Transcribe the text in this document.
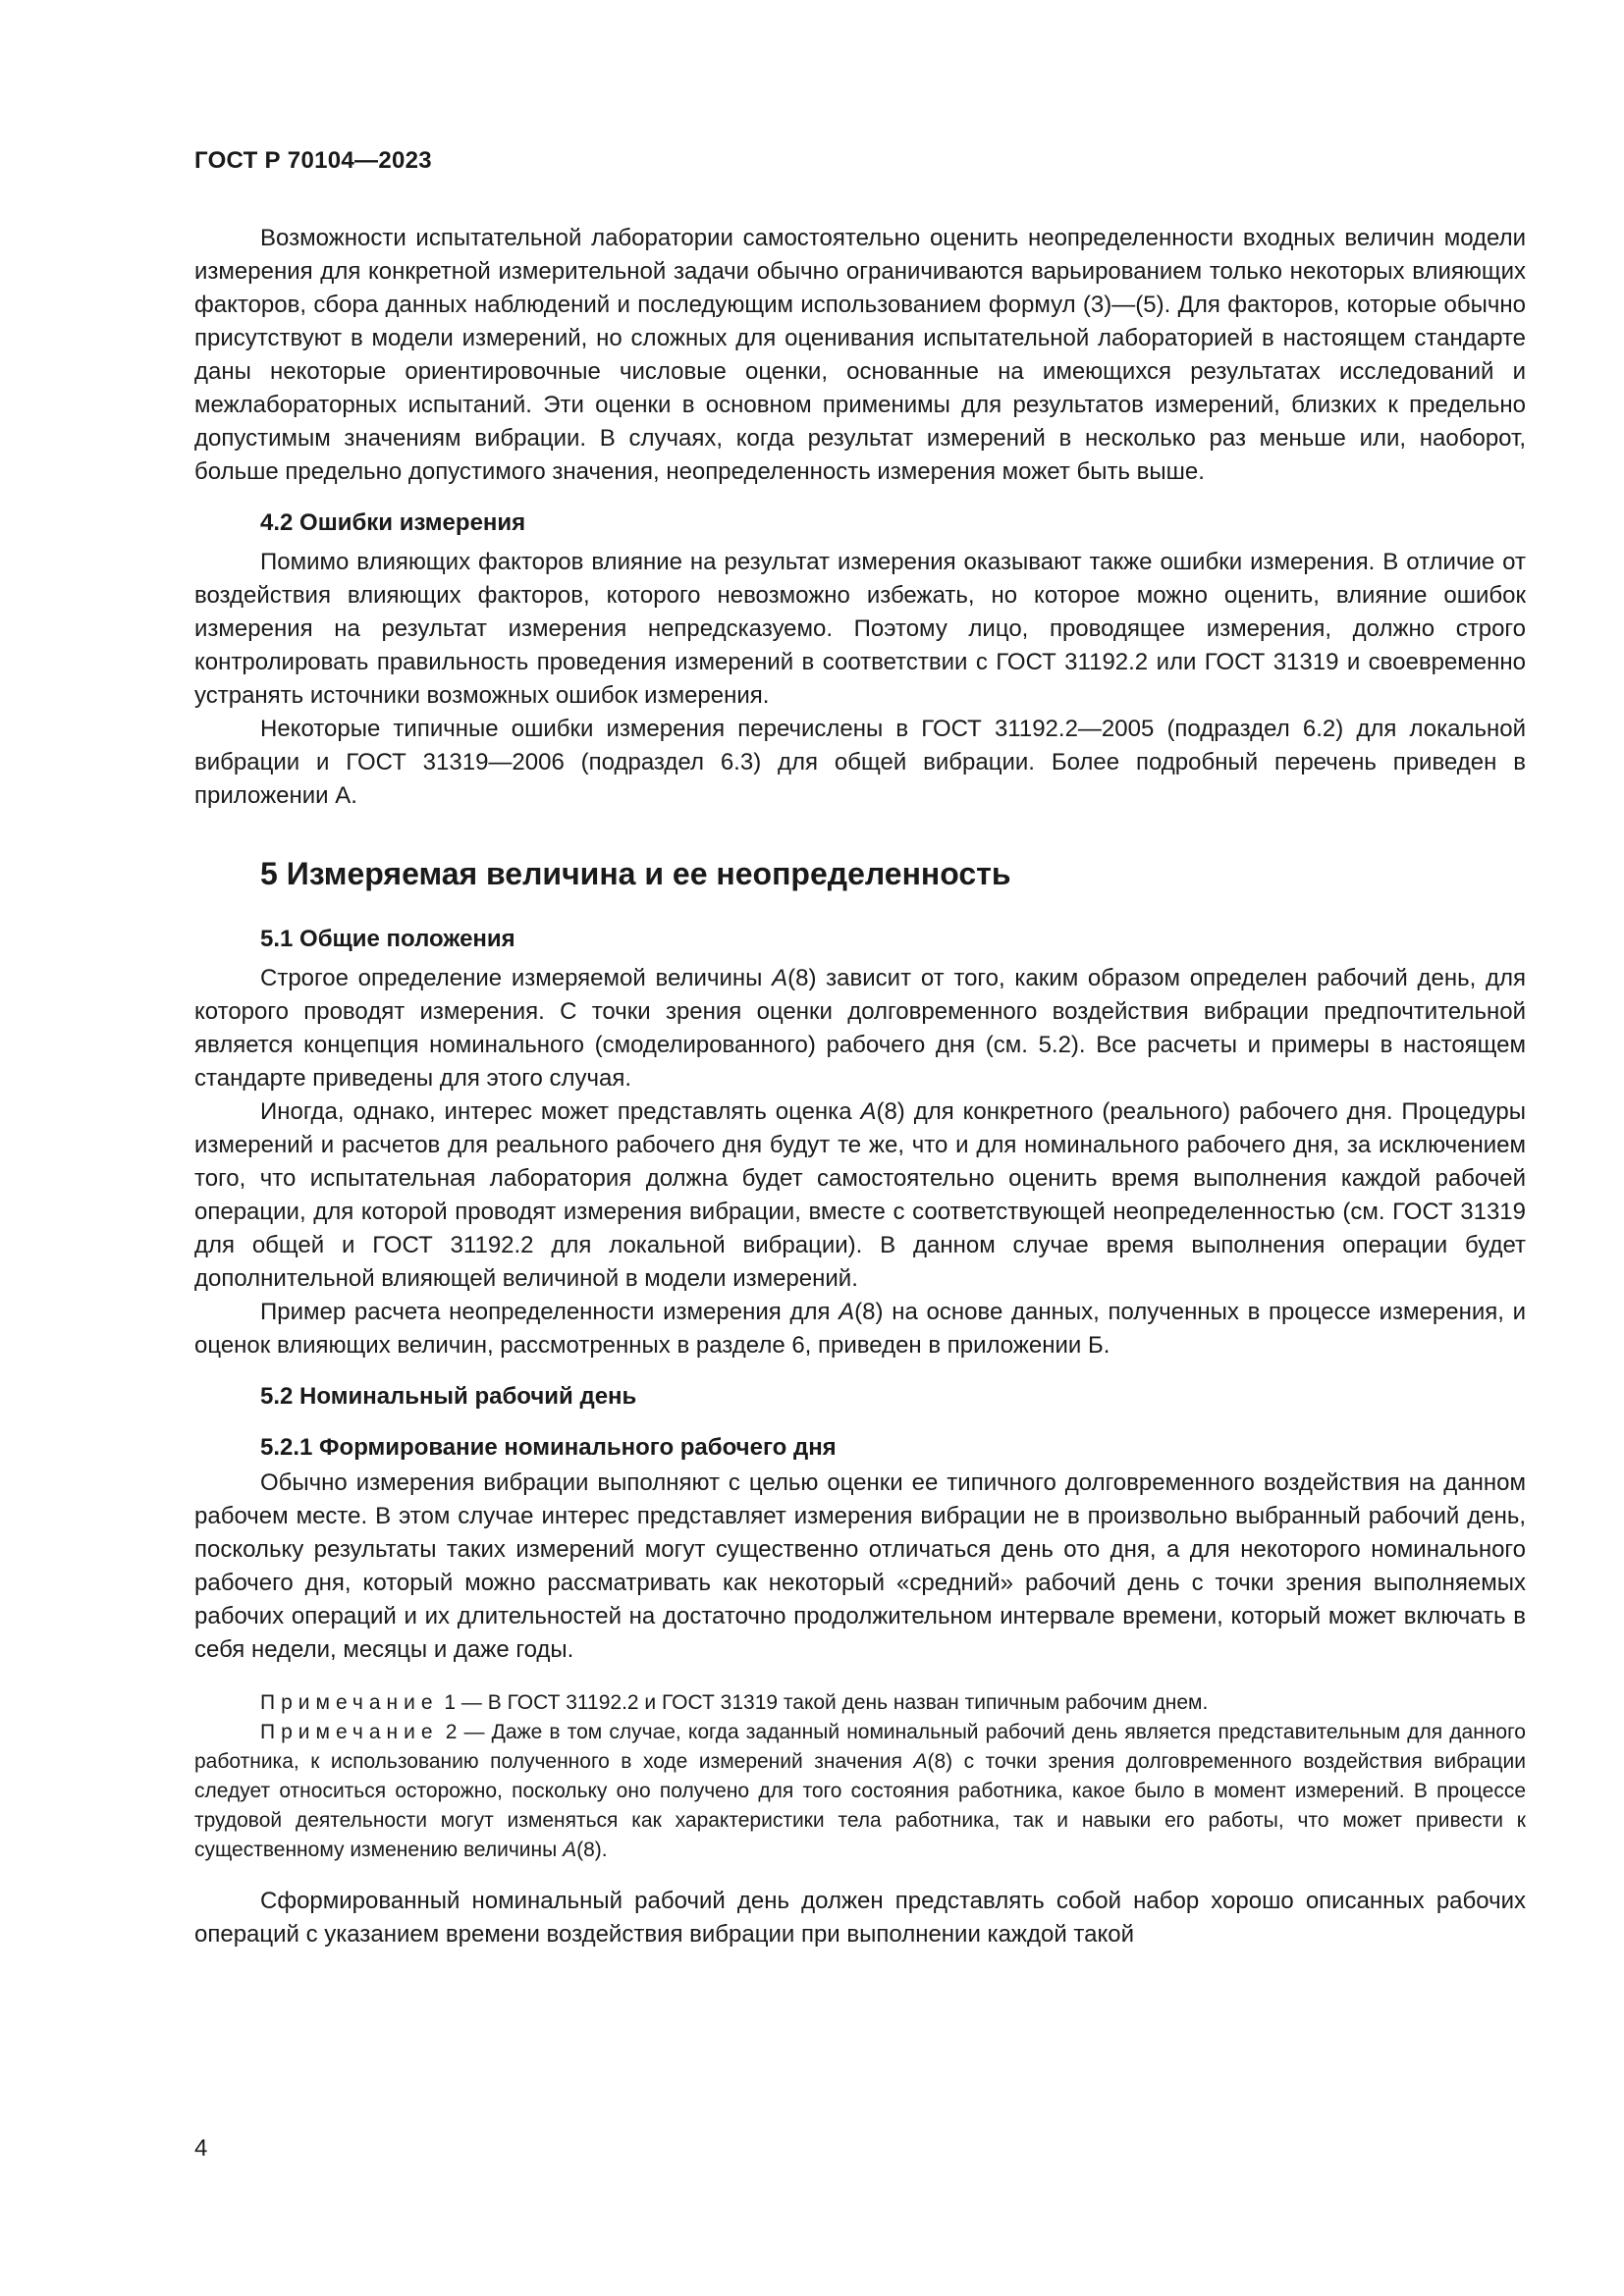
ГОСТ Р 70104—2023

Возможности испытательной лаборатории самостоятельно оценить неопределенности входных величин модели измерения для конкретной измерительной задачи обычно ограничиваются варьированием только некоторых влияющих факторов, сбора данных наблюдений и последующим использованием формул (3)—(5). Для факторов, которые обычно присутствуют в модели измерений, но сложных для оценивания испытательной лабораторией в настоящем стандарте даны некоторые ориентировочные числовые оценки, основанные на имеющихся результатах исследований и межлабораторных испытаний. Эти оценки в основном применимы для результатов измерений, близких к предельно допустимым значениям вибрации. В случаях, когда результат измерений в несколько раз меньше или, наоборот, больше предельно допустимого значения, неопределенность измерения может быть выше.

4.2 Ошибки измерения

Помимо влияющих факторов влияние на результат измерения оказывают также ошибки измерения. В отличие от воздействия влияющих факторов, которого невозможно избежать, но которое можно оценить, влияние ошибок измерения на результат измерения непредсказуемо. Поэтому лицо, проводящее измерения, должно строго контролировать правильность проведения измерений в соответствии с ГОСТ 31192.2 или ГОСТ 31319 и своевременно устранять источники возможных ошибок измерения.

Некоторые типичные ошибки измерения перечислены в ГОСТ 31192.2—2005 (подраздел 6.2) для локальной вибрации и ГОСТ 31319—2006 (подраздел 6.3) для общей вибрации. Более подробный перечень приведен в приложении А.

5 Измеряемая величина и ее неопределенность
5.1 Общие положения

Строгое определение измеряемой величины A(8) зависит от того, каким образом определен рабочий день, для которого проводят измерения. С точки зрения оценки долговременного воздействия вибрации предпочтительной является концепция номинального (смоделированного) рабочего дня (см. 5.2). Все расчеты и примеры в настоящем стандарте приведены для этого случая.

Иногда, однако, интерес может представлять оценка A(8) для конкретного (реального) рабочего дня. Процедуры измерений и расчетов для реального рабочего дня будут те же, что и для номинального рабочего дня, за исключением того, что испытательная лаборатория должна будет самостоятельно оценить время выполнения каждой рабочей операции, для которой проводят измерения вибрации, вместе с соответствующей неопределенностью (см. ГОСТ 31319 для общей и ГОСТ 31192.2 для локальной вибрации). В данном случае время выполнения операции будет дополнительной влияющей величиной в модели измерений.

Пример расчета неопределенности измерения для A(8) на основе данных, полученных в процессе измерения, и оценок влияющих величин, рассмотренных в разделе 6, приведен в приложении Б.

5.2 Номинальный рабочий день
5.2.1 Формирование номинального рабочего дня

Обычно измерения вибрации выполняют с целью оценки ее типичного долговременного воздействия на данном рабочем месте. В этом случае интерес представляет измерения вибрации не в произвольно выбранный рабочий день, поскольку результаты таких измерений могут существенно отличаться день ото дня, а для некоторого номинального рабочего дня, который можно рассматривать как некоторый «средний» рабочий день с точки зрения выполняемых рабочих операций и их длительностей на достаточно продолжительном интервале времени, который может включать в себя недели, месяцы и даже годы.

Примечание 1 — В ГОСТ 31192.2 и ГОСТ 31319 такой день назван типичным рабочим днем.

Примечание 2 — Даже в том случае, когда заданный номинальный рабочий день является представительным для данного работника, к использованию полученного в ходе измерений значения A(8) с точки зрения долговременного воздействия вибрации следует относиться осторожно, поскольку оно получено для того состояния работника, какое было в момент измерений. В процессе трудовой деятельности могут изменяться как характеристики тела работника, так и навыки его работы, что может привести к существенному изменению величины A(8).

Сформированный номинальный рабочий день должен представлять собой набор хорошо описанных рабочих операций с указанием времени воздействия вибрации при выполнении каждой такой

4
